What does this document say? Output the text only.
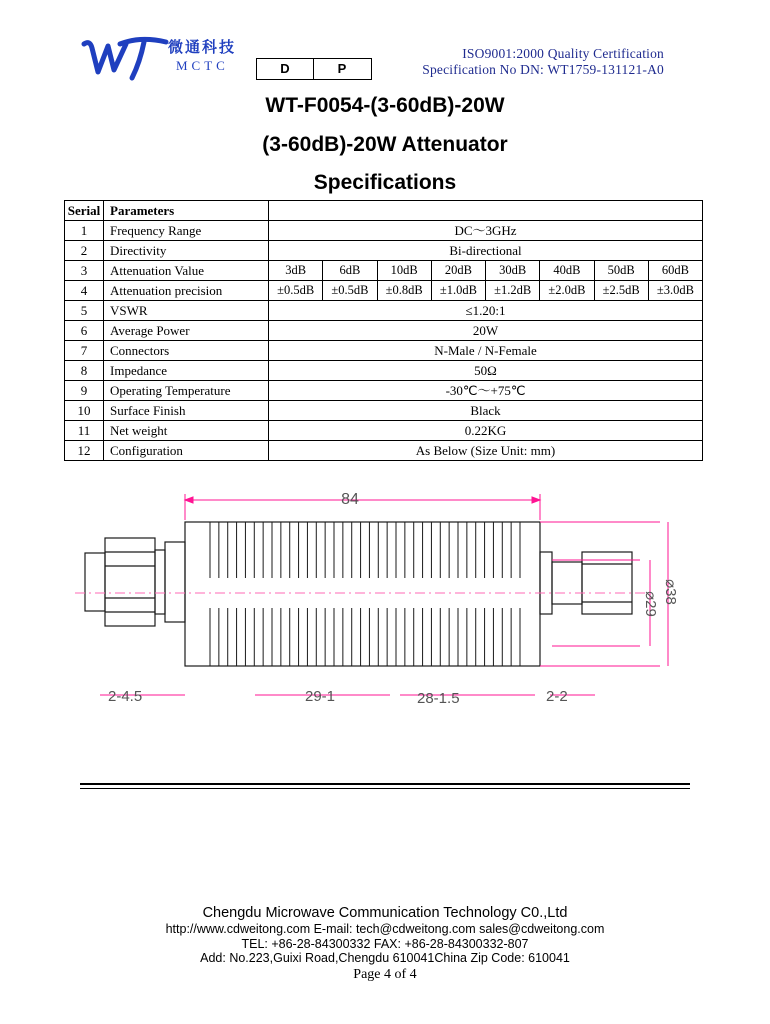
微通科技
MCTC	D	P
ISO9001:2000 Quality Certification
Specification No DN: WT1759-131121-A0
WT-F0054-(3-60dB)-20W
(3-60dB)-20W Attenuator
Specifications
Serial	Parameters								
1	Frequency Range	DC～3GHz							
2	Directivity	Bi-directional							
3	Attenuation Value	3dB	6dB	10dB	20dB	30dB	40dB	50dB	60dB
4	Attenuation precision	±0.5dB	±0.5dB	±0.8dB	±1.0dB	±1.2dB	±2.0dB	±2.5dB	±3.0dB
5	VSWR	≤1.20:1							
6	Average Power	20W							
7	Connectors	N-Male / N-Female							
8	Impedance	50Ω							
9	Operating Temperature	-30℃～+75℃							
10	Surface Finish	Black							
11	Net weight	0.22KG							
12	Configuration	As Below (Size Unit: mm)							
84
⌀29 ⌀38
2-4.5	29-1	28-1.5	2-2
Chengdu Microwave Communication Technology C0.,Ltd
http://www.cdweitong.com E-mail: tech@cdweitong.com sales@cdweitong.com
TEL: +86-28-84300332 FAX: +86-28-84300332-807
Add: No.223,Guixi Road,Chengdu 610041China Zip Code: 610041
Page 4 of 4
